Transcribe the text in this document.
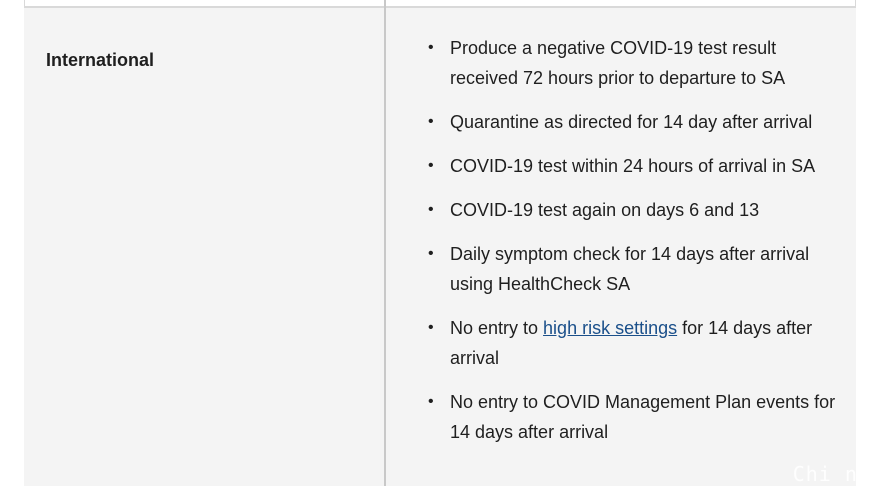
International
• Produce a negative COVID-19 test result received 72 hours prior to departure to SA
• Quarantine as directed for 14 day after arrival
• COVID-19 test within 24 hours of arrival in SA
• COVID-19 test again on days 6 and 13
• Daily symptom check for 14 days after arrival using HealthCheck SA
• No entry to high risk settings for 14 days after arrival
• No entry to COVID Management Plan events for 14 days after arrival
Chi na2
